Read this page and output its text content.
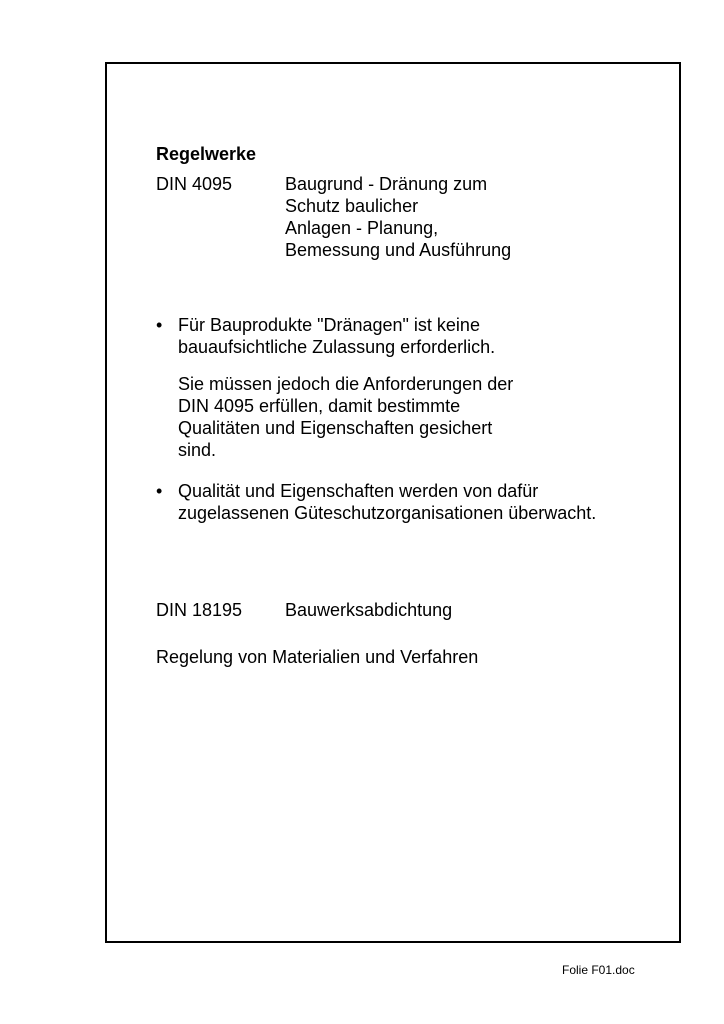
Regelwerke

DIN 4095	Baugrund - Dränung zum
Schutz baulicher
Anlagen - Planung,
Bemessung und Ausführung
• Für Bauprodukte "Dränagen" ist keine
bauaufsichtliche Zulassung erforderlich.
Sie müssen jedoch die Anforderungen der
DIN 4095 erfüllen, damit bestimmte
Qualitäten und Eigenschaften gesichert
sind.
• Qualität und Eigenschaften werden von dafür
zugelassenen Güteschutzorganisationen überwacht.

DIN 18195 Bauwerksabdichtung

Regelung von Materialien und Verfahren

Folie F01.doc
